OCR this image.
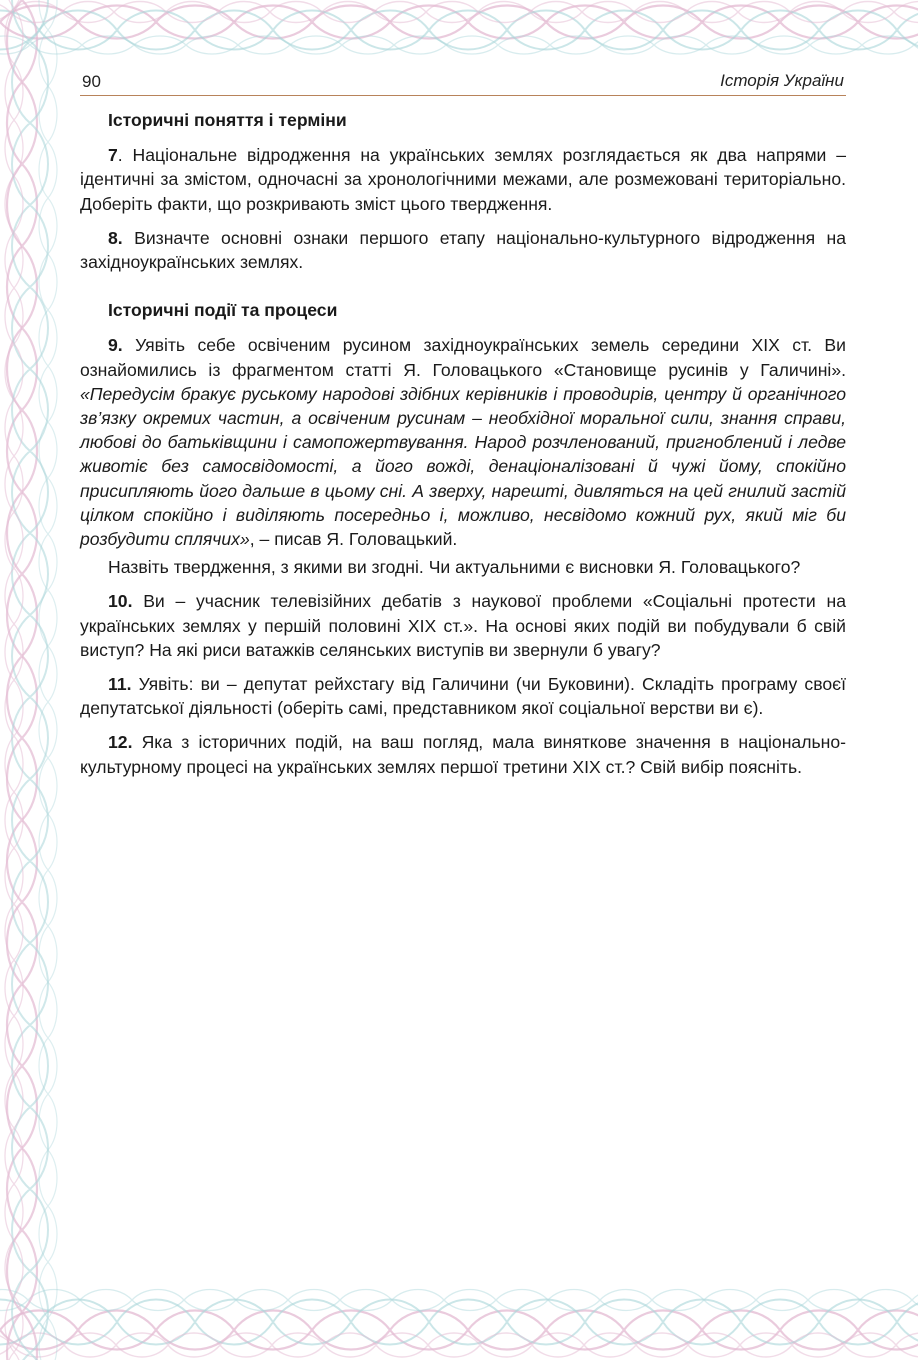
90	Історія України
Історичні поняття і терміни

7. Національне відродження на українських землях розглядається як два напрями – ідентичні за змістом, одночасні за хронологічними межами, але розмежовані територіально. Доберіть факти, що розкривають зміст цього твердження.

8. Визначте основні ознаки першого етапу національно-культурного відродження на західноукраїнських землях.

Історичні події та процеси

9. Уявіть себе освіченим русином західноукраїнських земель середини XIX ст. Ви ознайомились із фрагментом статті Я. Головацького «Становище русинів у Галичині». «Передусім бракує руському народові здібних керівників і проводирів, центру й органічного зв’язку окремих частин, а освіченим русинам – необхідної моральної сили, знання справи, любові до батьківщини і самопожертвування. Народ розчленований, пригноблений і ледве животіє без самосвідомості, а його вожді, денаціоналізовані й чужі йому, спокійно присипляють його дальше в цьому сні. А зверху, нарешті, дивляться на цей гнилий застій цілком спокійно і виділяють посередньо і, можливо, несвідомо кожний рух, який міг би розбудити сплячих», – писав Я. Головацький.

Назвіть твердження, з якими ви згодні. Чи актуальними є висновки Я. Головацького?

10. Ви – учасник телевізійних дебатів з наукової проблеми «Соціальні протести на українських землях у першій половині XIX ст.». На основі яких подій ви побудували б свій виступ? На які риси ватажків селянських виступів ви звернули б увагу?

11. Уявіть: ви – депутат рейхстагу від Галичини (чи Буковини). Складіть програму своєї депутатської діяльності (оберіть самі, представником якої соціальної верстви ви є).

12. Яка з історичних подій, на ваш погляд, мала винятковe значення в національно-культурному процесі на українських землях першої третини XIX ст.? Свій вибір поясніть.
